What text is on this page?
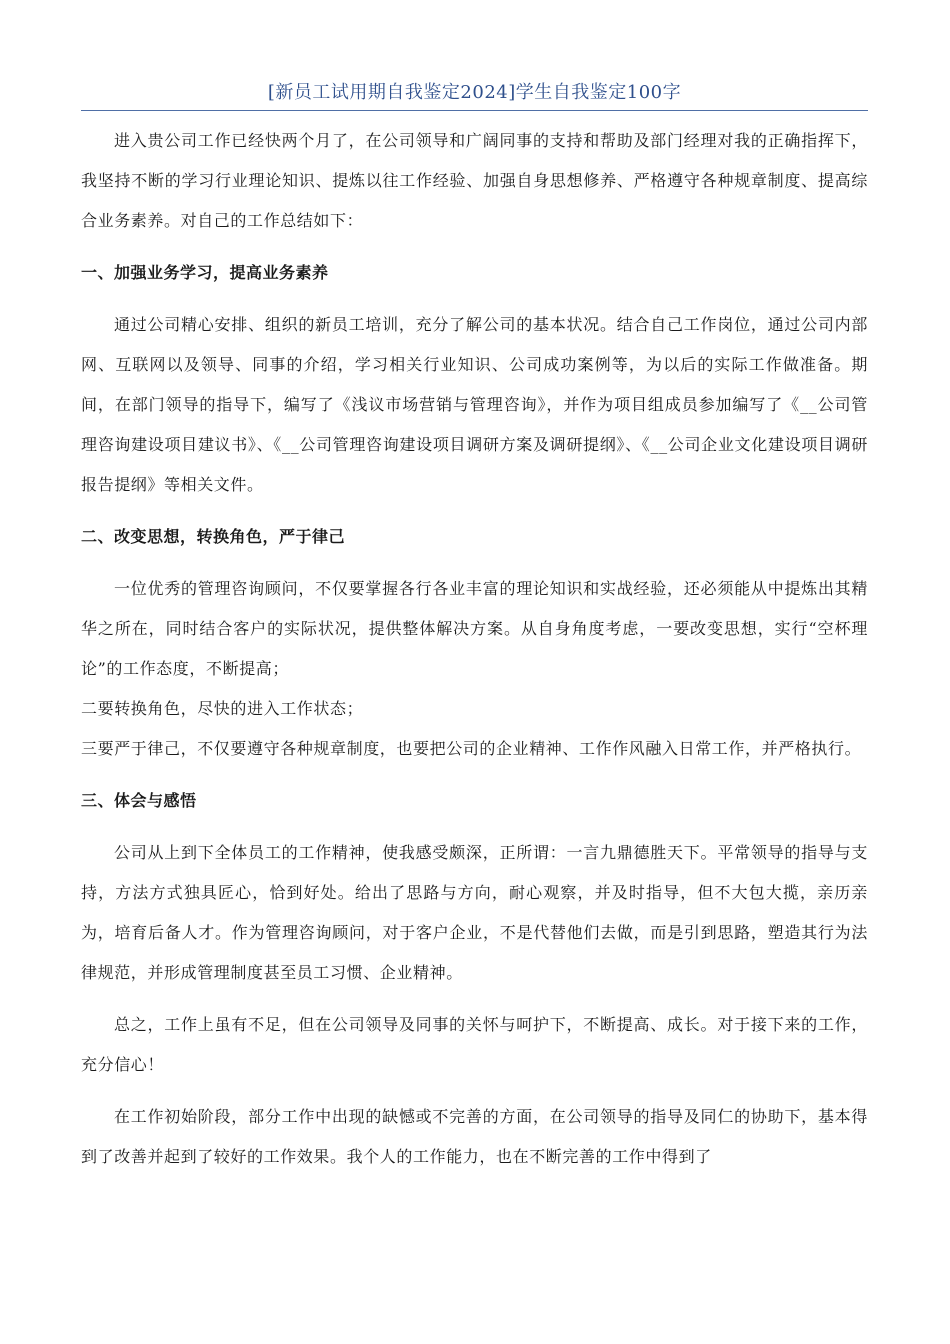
[新员工试用期自我鉴定2024]学生自我鉴定100字

进入贵公司工作已经快两个月了，在公司领导和广阔同事的支持和帮助及部门经理对我的正确指挥下，我坚持不断的学习行业理论知识、提炼以往工作经验、加强自身思想修养、严格遵守各种规章制度、提高综合业务素养。对自己的工作总结如下：

一、加强业务学习，提高业务素养

通过公司精心安排、组织的新员工培训，充分了解公司的基本状况。结合自己工作岗位，通过公司内部网、互联网以及领导、同事的介绍，学习相关行业知识、公司成功案例等，为以后的实际工作做准备。期间，在部门领导的指导下，编写了《浅议市场营销与管理咨询》，并作为项目组成员参加编写了《__公司管理咨询建设项目建议书》、《__公司管理咨询建设项目调研方案及调研提纲》、《__公司企业文化建设项目调研报告提纲》等相关文件。

二、改变思想，转换角色，严于律己

一位优秀的管理咨询顾问，不仅要掌握各行各业丰富的理论知识和实战经验，还必须能从中提炼出其精华之所在，同时结合客户的实际状况，提供整体解决方案。从自身角度考虑，一要改变思想，实行“空杯理论”的工作态度，不断提高；

二要转换角色，尽快的进入工作状态；

三要严于律己，不仅要遵守各种规章制度，也要把公司的企业精神、工作作风融入日常工作，并严格执行。

三、体会与感悟

公司从上到下全体员工的工作精神，使我感受颇深，正所谓：一言九鼎德胜天下。平常领导的指导与支持，方法方式独具匠心，恰到好处。给出了思路与方向，耐心观察，并及时指导，但不大包大揽，亲历亲为，培育后备人才。作为管理咨询顾问，对于客户企业，不是代替他们去做，而是引到思路，塑造其行为法律规范，并形成管理制度甚至员工习惯、企业精神。

总之，工作上虽有不足，但在公司领导及同事的关怀与呵护下，不断提高、成长。对于接下来的工作，充分信心！

在工作初始阶段，部分工作中出现的缺憾或不完善的方面，在公司领导的指导及同仁的协助下，基本得到了改善并起到了较好的工作效果。我个人的工作能力，也在不断完善的工作中得到了
